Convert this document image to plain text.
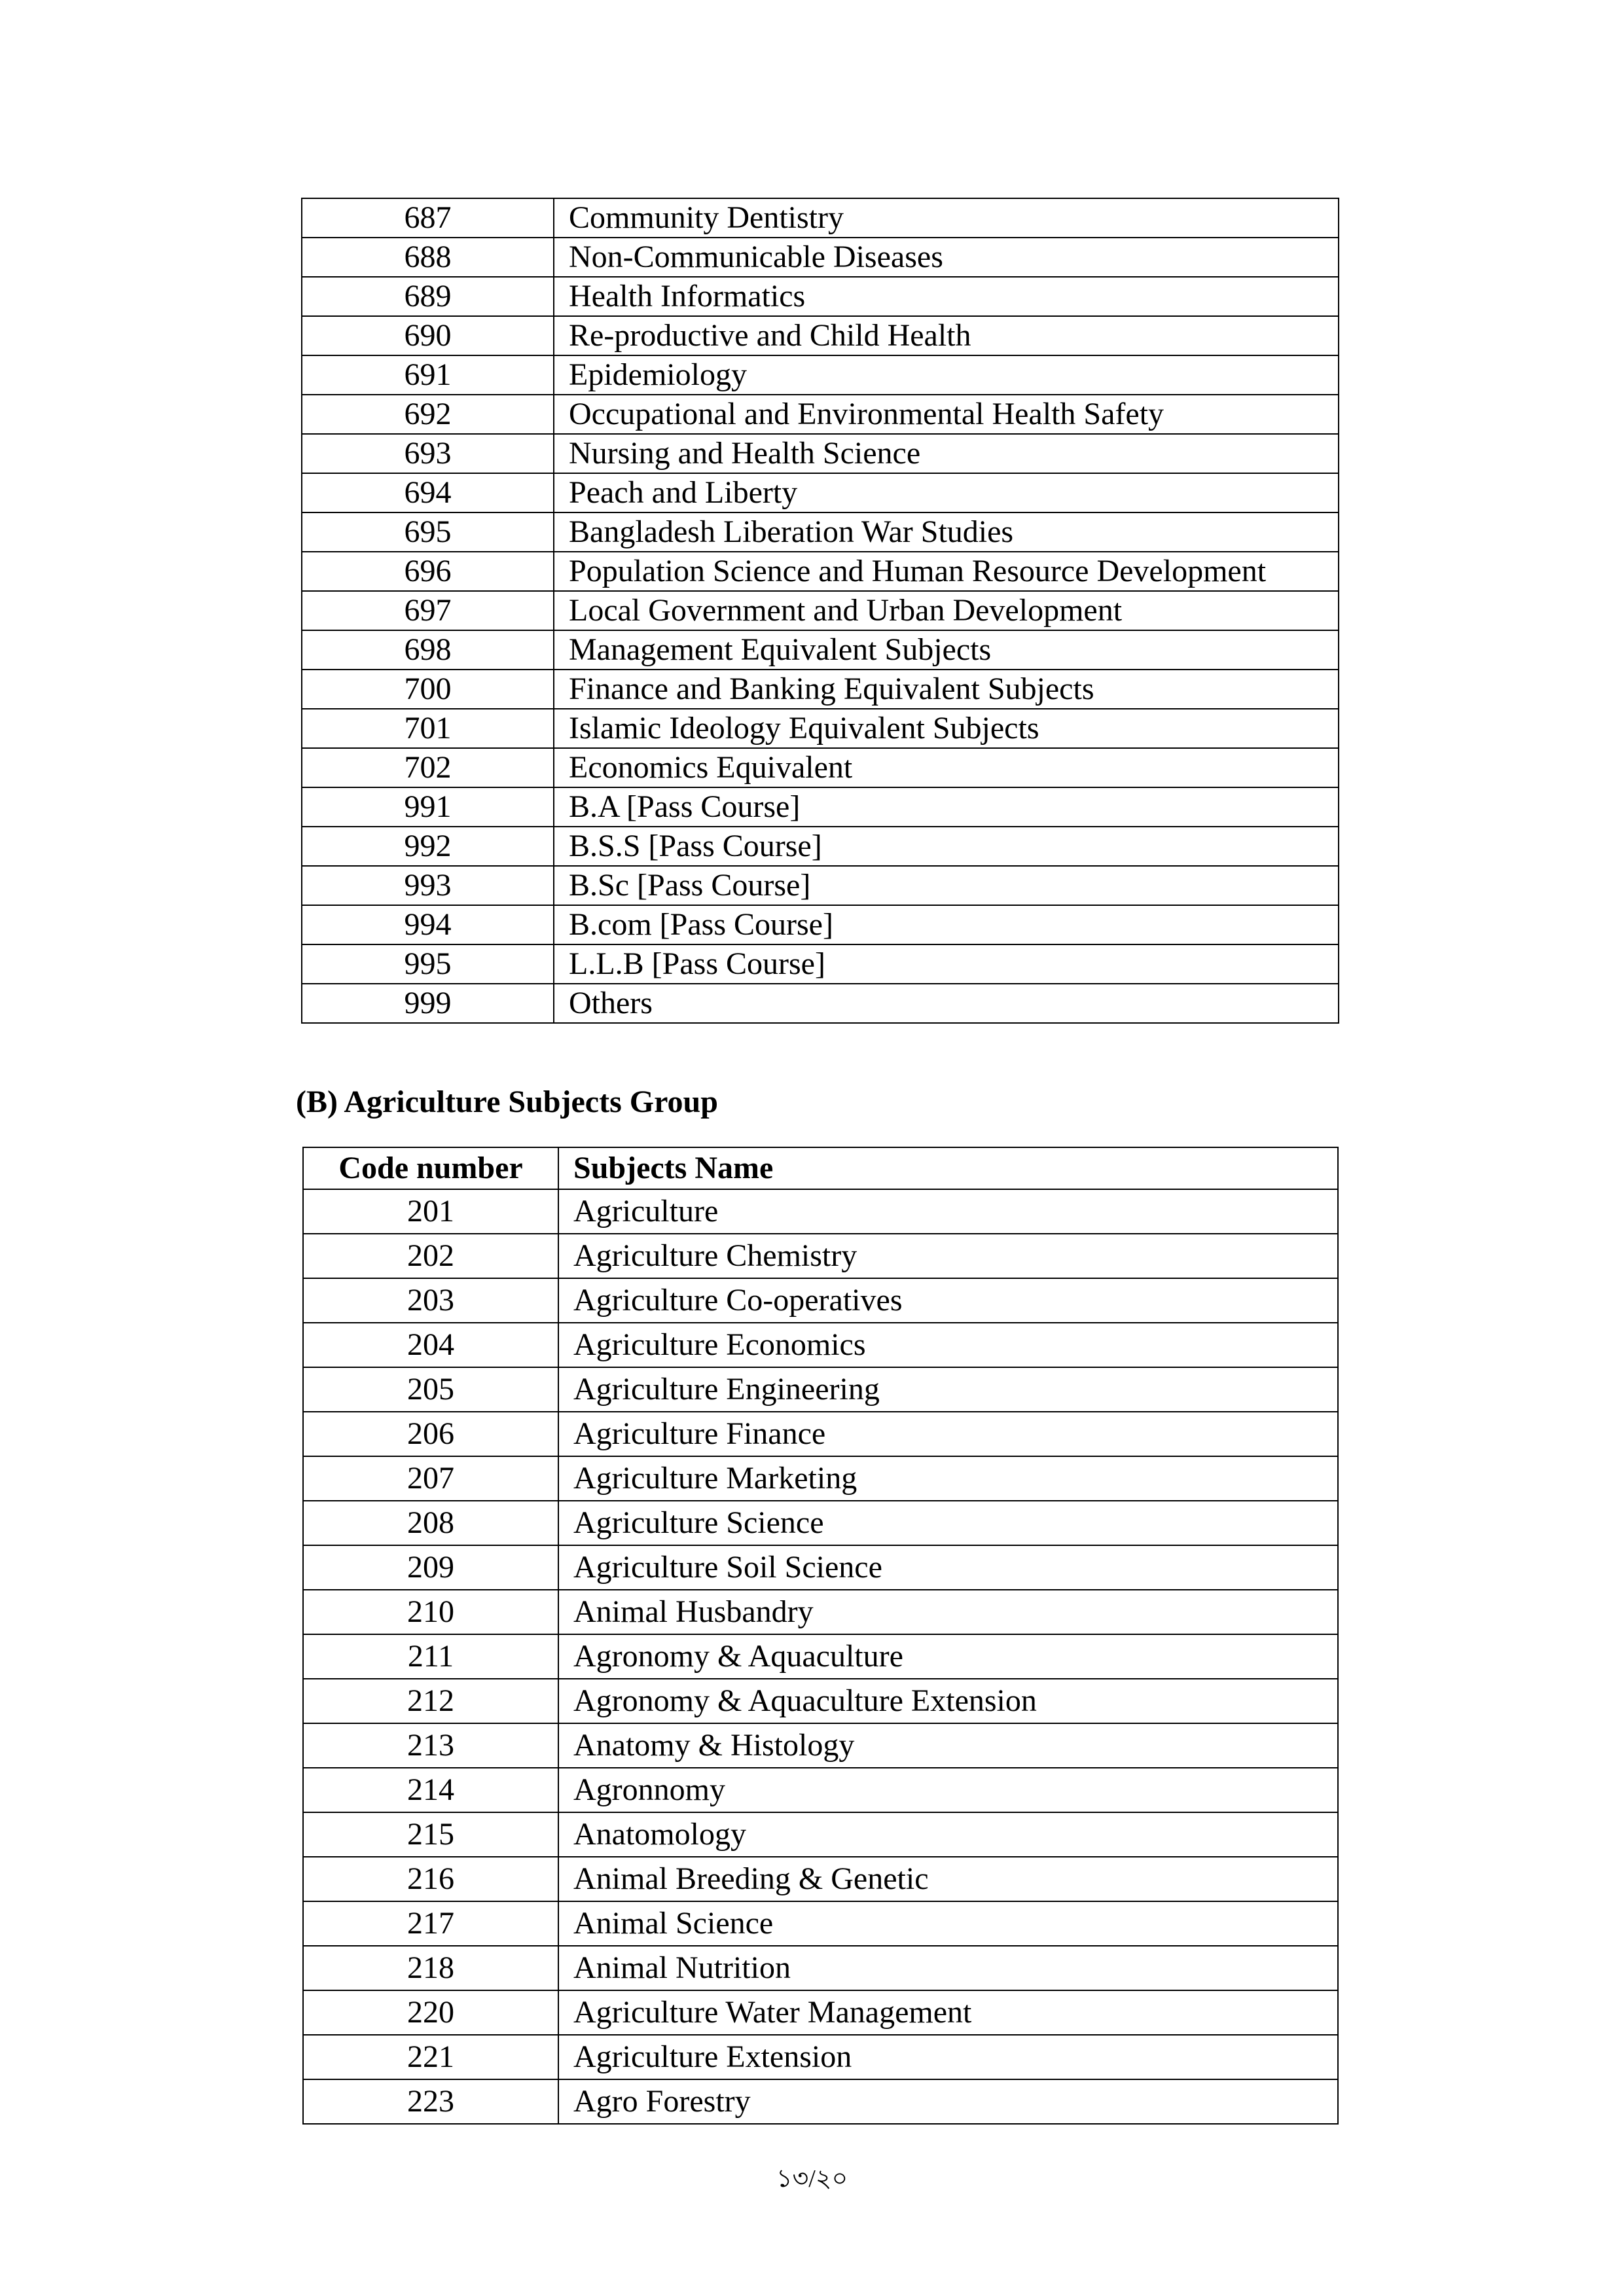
687	Community Dentistry
688	Non-Communicable Diseases
689	Health Informatics
690	Re-productive and Child Health
691	Epidemiology
692	Occupational and Environmental Health Safety
693	Nursing and Health Science
694	Peach and Liberty
695	Bangladesh Liberation War Studies
696	Population Science and Human Resource Development
697	Local Government and Urban Development
698	Management Equivalent Subjects
700	Finance and Banking Equivalent Subjects
701	Islamic Ideology Equivalent Subjects
702	Economics Equivalent
991	B.A [Pass Course]
992	B.S.S [Pass Course]
993	B.Sc [Pass Course]
994	B.com [Pass Course]
995	L.L.B [Pass Course]
999	Others
(B) Agriculture Subjects Group
Code number	Subjects Name
201	Agriculture
202	Agriculture Chemistry
203	Agriculture Co-operatives
204	Agriculture Economics
205	Agriculture Engineering
206	Agriculture Finance
207	Agriculture Marketing
208	Agriculture Science
209	Agriculture Soil Science
210	Animal Husbandry
211	Agronomy & Aquaculture
212	Agronomy & Aquaculture Extension
213	Anatomy & Histology
214	Agronnomy
215	Anatomology
216	Animal Breeding & Genetic
217	Animal Science
218	Animal Nutrition
220	Agriculture Water Management
221	Agriculture Extension
223	Agro Forestry
১৩/২০
